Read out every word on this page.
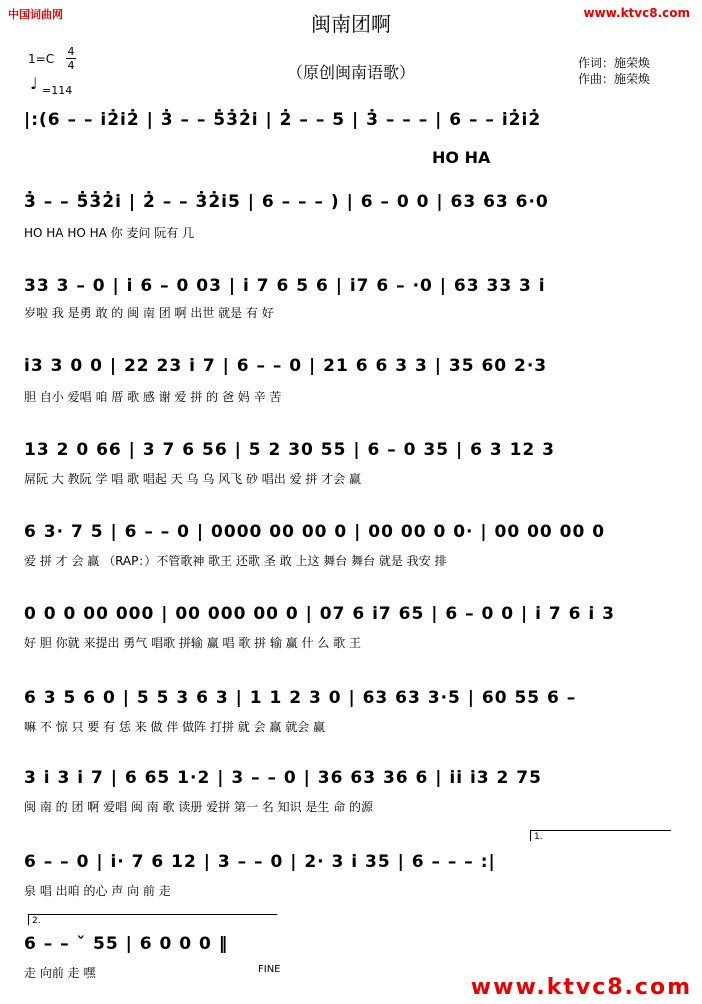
中国词曲网	www.ktvc8.com
闽南团啊
（原创闽南语歌）	作词：施荣焕
作曲：施荣焕
1=C
4
4
♩ =114
|:(6 – – i̇2̇i̇2̇ | 3̇ – – 5̇3̇2̇i̇ | 2̇ – – 5 | 3̇ – – – | 6 – – i̇2̇i̇2̇
HO HA
3̇ – – 5̇3̇2̇i̇ | 2̇ – – 3̇2̇i̇5 | 6 – – – ) | 6 – 0 0 | 63 63 6·0
HO HA HO HA 你 麦问 阮有 几
33 3 – 0 | i̇ 6 – 0 03 | i̇ 7 6 5 6 | i̇7 6 – ·0 | 63 33 3 i̇
岁啦 我 是勇 敢 的 闽 南 团 啊 出世 就是 有 好
i̇3 3 0 0 | 22 23 i̇ 7 | 6 – – 0 | 21 6 6 3 3 | 35 60 2·3
胆 自小 爱唱 咱 厝 歌 感 谢 爱 拼 的 爸 妈 辛 苦
13 2 0 66 | 3 7 6 56 | 5 2 30 55 | 6 – 0 35 | 6 3 12 3
屌阮 大 教阮 学 唱 歌 唱起 天 乌 乌 风飞 砂 唱出 爱 拼 才会 赢
6 3· 7 5 | 6 – – 0 | 0000 00 00 0 | 00 00 0 0· | 00 00 00 0
爱 拼 才 会 赢 （RAP：）不管歌神 歌王 还歌 圣 敢 上这 舞台 舞台 就是 我安 排
0 0 0 00 000 | 00 000 00 0 | 07 6 i̇7 65 | 6 – 0 0 | i̇ 7 6 i̇ 3
好 胆 你就 来提出 勇气 唱歌 拼输 赢 唱 歌 拼 输 赢 什 么 歌 王
6 3 5 6 0 | 5 5 3 6 3 | 1 1 2 3 0 | 63 63 3·5 | 60 55 6 –
嘛 不 惊 只 要 有 恁 来 做 伴 做阵 打拼 就 会 赢 就会 赢
3 i̇ 3 i̇ 7 | 6 65 1·2 | 3 – – 0 | 36 63 36 6 | i̇i̇ i̇3 2 75
闽 南 的 团 啊 爱唱 闽 南 歌 读册 爱拼 第一 名 知识 是生 命 的源
1.
6 – – 0 | i̇· 7 6 12 | 3 – – 0 | 2· 3 i̇ 35 | 6 – – – :|
泉 唱 出咱 的心 声 向 前 走
2.
6 – – ˇ 55 | 6 0 0 0 ‖
走 向前 走 嘿	FINE
www.ktvc8.com
